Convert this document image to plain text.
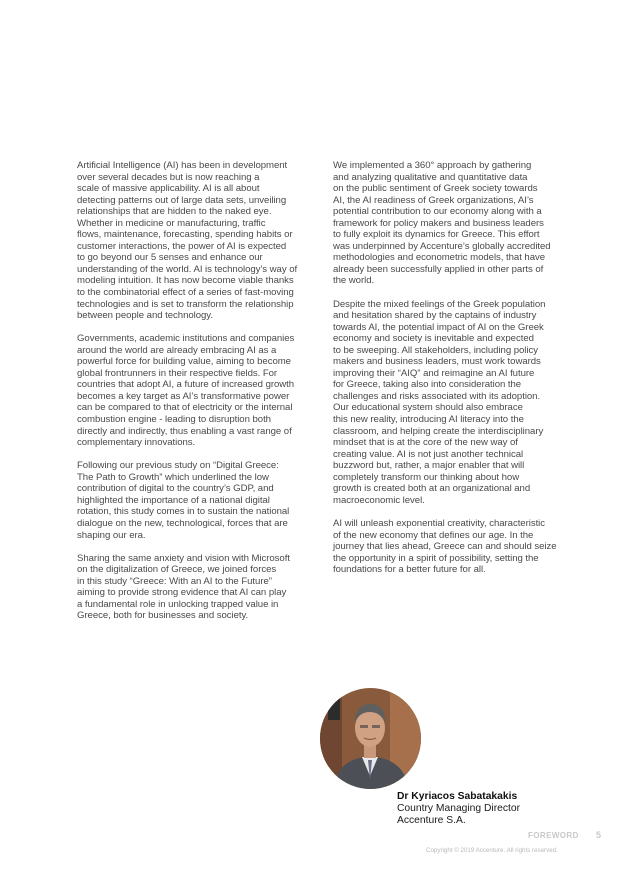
Artificial Intelligence (AI) has been in development
over several decades but is now reaching a
scale of massive applicability. AI is all about
detecting patterns out of large data sets, unveiling
relationships that are hidden to the naked eye.
Whether in medicine or manufacturing, traffic
flows, maintenance, forecasting, spending habits or
customer interactions, the power of AI is expected
to go beyond our 5 senses and enhance our
understanding of the world. AI is technology’s way of
modeling intuition. It has now become viable thanks
to the combinatorial effect of a series of fast-moving
technologies and is set to transform the relationship
between people and technology.

Governments, academic institutions and companies
around the world are already embracing AI as a
powerful force for building value, aiming to become
global frontrunners in their respective fields. For
countries that adopt AI, a future of increased growth
becomes a key target as AI’s transformative power
can be compared to that of electricity or the internal
combustion engine - leading to disruption both
directly and indirectly, thus enabling a vast range of
complementary innovations.

Following our previous study on “Digital Greece:
The Path to Growth” which underlined the low
contribution of digital to the country’s GDP, and
highlighted the importance of a national digital
rotation, this study comes in to sustain the national
dialogue on the new, technological, forces that are
shaping our era.

Sharing the same anxiety and vision with Microsoft
on the digitalization of Greece, we joined forces
in this study “Greece: With an AI to the Future”
aiming to provide strong evidence that AI can play
a fundamental role in unlocking trapped value in
Greece, both for businesses and society.

We implemented a 360° approach by gathering
and analyzing qualitative and quantitative data
on the public sentiment of Greek society towards
AI, the AI readiness of Greek organizations, AI’s
potential contribution to our economy along with a
framework for policy makers and business leaders
to fully exploit its dynamics for Greece. This effort
was underpinned by Accenture’s globally accredited
methodologies and econometric models, that have
already been successfully applied in other parts of
the world.

Despite the mixed feelings of the Greek population
and hesitation shared by the captains of industry
towards AI, the potential impact of AI on the Greek
economy and society is inevitable and expected
to be sweeping. All stakeholders, including policy
makers and business leaders, must work towards
improving their “AIQ” and reimagine an AI future
for Greece, taking also into consideration the
challenges and risks associated with its adoption.
Our educational system should also embrace
this new reality, introducing AI literacy into the
classroom, and helping create the interdisciplinary
mindset that is at the core of the new way of
creating value. AI is not just another technical
buzzword but, rather, a major enabler that will
completely transform our thinking about how
growth is created both at an organizational and
macroeconomic level.

AI will unleash exponential creativity, characteristic
of the new economy that defines our age. In the
journey that lies ahead, Greece can and should seize
the opportunity in a spirit of possibility, setting the
foundations for a better future for all.

Dr Kyriacos Sabatakakis
Country Managing Director
Accenture S.A.
FOREWORD 5
Copyright © 2019 Accenture. All rights reserved.
